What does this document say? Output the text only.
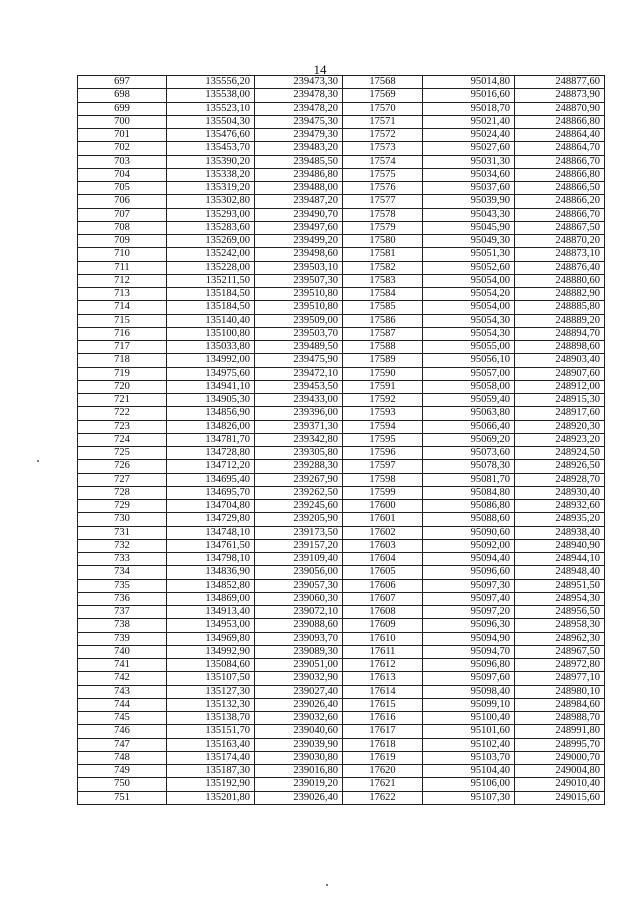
14
697	135556,20	239473,30	17568	95014,80	248877,60
698	135538,00	239478,30	17569	95016,60	248873,90
699	135523,10	239478,20	17570	95018,70	248870,90
700	135504,30	239475,30	17571	95021,40	248866,80
701	135476,60	239479,30	17572	95024,40	248864,40
702	135453,70	239483,20	17573	95027,60	248864,70
703	135390,20	239485,50	17574	95031,30	248866,70
704	135338,20	239486,80	17575	95034,60	248866,80
705	135319,20	239488,00	17576	95037,60	248866,50
706	135302,80	239487,20	17577	95039,90	248866,20
707	135293,00	239490,70	17578	95043,30	248866,70
708	135283,60	239497,60	17579	95045,90	248867,50
709	135269,00	239499,20	17580	95049,30	248870,20
710	135242,00	239498,60	17581	95051,30	248873,10
711	135228,00	239503,10	17582	95052,60	248876,40
712	135211,50	239507,30	17583	95054,00	248880,60
713	135184,50	239510,80	17584	95054,20	248882,90
714	135184,50	239510,80	17585	95054,00	248885,80
715	135140,40	239509,00	17586	95054,30	248889,20
716	135100,80	239503,70	17587	95054,30	248894,70
717	135033,80	239489,50	17588	95055,00	248898,60
718	134992,00	239475,90	17589	95056,10	248903,40
719	134975,60	239472,10	17590	95057,00	248907,60
720	134941,10	239453,50	17591	95058,00	248912,00
721	134905,30	239433,00	17592	95059,40	248915,30
722	134856,90	239396,00	17593	95063,80	248917,60
723	134826,00	239371,30	17594	95066,40	248920,30
724	134781,70	239342,80	17595	95069,20	248923,20
725	134728,80	239305,80	17596	95073,60	248924,50
726	134712,20	239288,30	17597	95078,30	248926,50
727	134695,40	239267,90	17598	95081,70	248928,70
728	134695,70	239262,50	17599	95084,80	248930,40
729	134704,80	239245,60	17600	95086,80	248932,60
730	134729,80	239205,90	17601	95088,60	248935,20
731	134748,10	239173,50	17602	95090,60	248938,40
732	134761,50	239157,20	17603	95092,00	248940,90
733	134798,10	239109,40	17604	95094,40	248944,10
734	134836,90	239056,00	17605	95096,60	248948,40
735	134852,80	239057,30	17606	95097,30	248951,50
736	134869,00	239060,30	17607	95097,40	248954,30
737	134913,40	239072,10	17608	95097,20	248956,50
738	134953,00	239088,60	17609	95096,30	248958,30
739	134969,80	239093,70	17610	95094,90	248962,30
740	134992,90	239089,30	17611	95094,70	248967,50
741	135084,60	239051,00	17612	95096,80	248972,80
742	135107,50	239032,90	17613	95097,60	248977,10
743	135127,30	239027,40	17614	95098,40	248980,10
744	135132,30	239026,40	17615	95099,10	248984,60
745	135138,70	239032,60	17616	95100,40	248988,70
746	135151,70	239040,60	17617	95101,60	248991,80
747	135163,40	239039,90	17618	95102,40	248995,70
748	135174,40	239030,80	17619	95103,70	249000,70
749	135187,30	239016,80	17620	95104,40	249004,80
750	135192,90	239019,20	17621	95106,00	249010,40
751	135201,80	239026,40	17622	95107,30	249015,60
